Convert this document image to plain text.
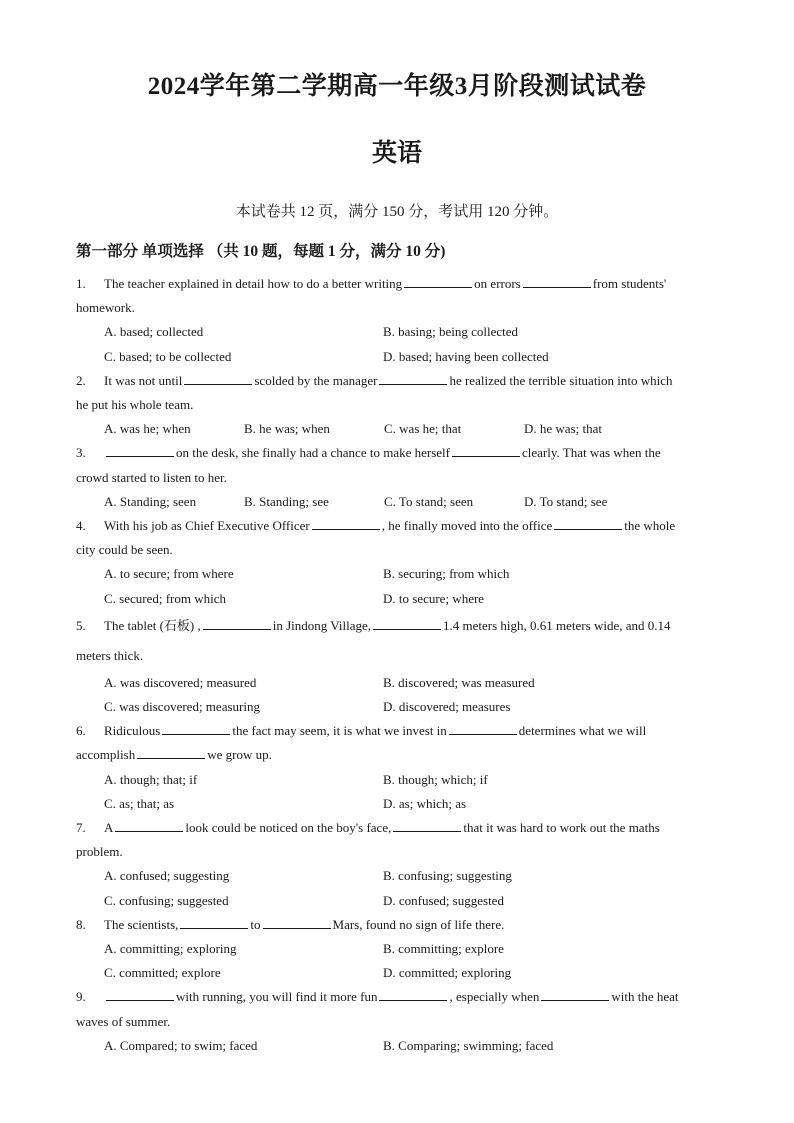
2024学年第二学期高一年级3月阶段测试试卷
英语
本试卷共 12 页，满分 150 分，考试用 120 分钟。
第一部分 单项选择 （共 10 题，每题 1 分，满分 10 分)
1.	The teacher explained in detail how to do a better writing	on errors	from students'
homework.
A. based; collected	B. basing; being collected
C. based; to be collected	D. based; having been collected
2.	It was not until	scolded by the manager	he realized the terrible situation into which
he put his whole team.
A. was he; when	B. he was; when	C. was he; that	D. he was; that
3.	on the desk, she finally had a chance to make herself	clearly. That was when the
crowd started to listen to her.
A. Standing; seen	B. Standing; see	C. To stand; seen	D. To stand; see
4.	With his job as Chief Executive Officer	, he finally moved into the office	the whole
city could be seen.
A. to secure; from where	B. securing; from which
C. secured; from which	D. to secure; where
5.	The tablet (石板) ,	in Jindong Village,	1.4 meters high, 0.61 meters wide, and 0.14
meters thick.
A. was discovered; measured	B. discovered; was measured
C. was discovered; measuring	D. discovered; measures
6.	Ridiculous	the fact may seem, it is what we invest in	determines what we will
accomplish	we grow up.
A. though; that; if	B. though; which; if
C. as; that; as	D. as; which; as
7.	A	look could be noticed on the boy's face,	that it was hard to work out the maths
problem.
A. confused; suggesting	B. confusing; suggesting
C. confusing; suggested	D. confused; suggested
8.	The scientists,	to	Mars, found no sign of life there.
A. committing; exploring	B. committing; explore
C. committed; explore	D. committed; exploring
9.	with running, you will find it more fun	, especially when	with the heat
waves of summer.
A. Compared; to swim; faced	B. Comparing; swimming; faced
